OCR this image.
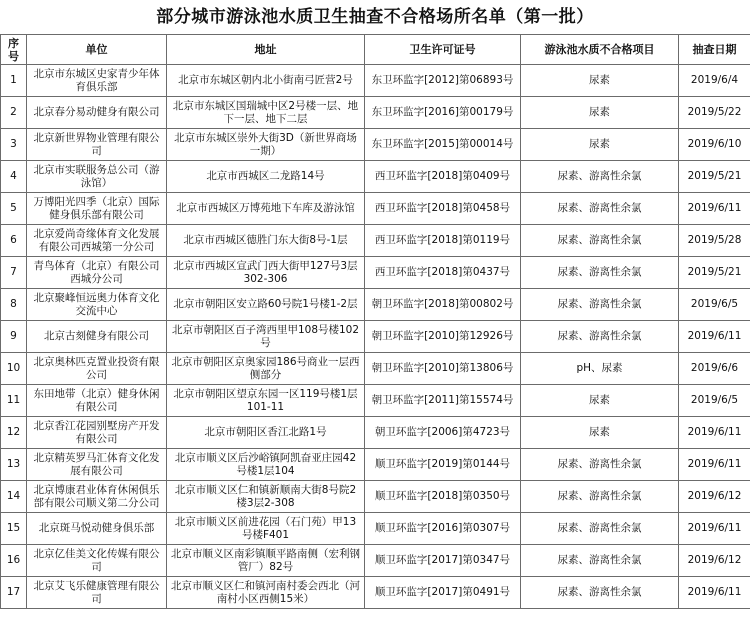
部分城市游泳池水质卫生抽查不合格场所名单（第一批）
序号	单位	地址	卫生许可证号	游泳池水质不合格项目	抽查日期
1	北京市东城区史家青少年体育俱乐部	北京市东城区朝内北小街南弓匠营2号	东卫环监字[2012]第06893号	尿素	2019/6/4
2	北京春分易动健身有限公司	北京市东城区国瑞城中区2号楼一层、地下一层、地下二层	东卫环监字[2016]第00179号	尿素	2019/5/22
3	北京新世界物业管理有限公司	北京市东城区崇外大街3D（新世界商场一期）	东卫环监字[2015]第00014号	尿素	2019/6/10
4	北京市实联服务总公司（游泳馆）	北京市西城区二龙路14号	西卫环监字[2018]第0409号	尿素、游离性余氯	2019/5/21
5	万博阳光四季（北京）国际健身俱乐部有限公司	北京市西城区万博苑地下车库及游泳馆	西卫环监字[2018]第0458号	尿素、游离性余氯	2019/6/11
6	北京爱尚奇缘体育文化发展有限公司西城第一分公司	北京市西城区德胜门东大街8号-1层	西卫环监字[2018]第0119号	尿素、游离性余氯	2019/5/28
7	青鸟体育（北京）有限公司西城分公司	北京市西城区宣武门西大街甲127号3层302-306	西卫环监字[2018]第0437号	尿素、游离性余氯	2019/5/21
8	北京聚峰恒远奥力体育文化交流中心	北京市朝阳区安立路60号院1号楼1-2层	朝卫环监字[2018]第00802号	尿素、游离性余氯	2019/6/5
9	北京古刻健身有限公司	北京市朝阳区百子湾西里甲108号楼102号	朝卫环监字[2010]第12926号	尿素、游离性余氯	2019/6/11
10	北京奥林匹克置业投资有限公司	北京市朝阳区京奥家园186号商业一层西侧部分	朝卫环监字[2010]第13806号	pH、尿素	2019/6/6
11	东田地带（北京）健身休闲有限公司	北京市朝阳区望京东园一区119号楼1层101-11	朝卫环监字[2011]第15574号	尿素	2019/6/5
12	北京香江花园别墅房产开发有限公司	北京市朝阳区香江北路1号	朝卫环监字[2006]第4723号	尿素	2019/6/11
13	北京精英罗马汇体育文化发展有限公司	北京市顺义区后沙峪镇阿凯奋亚庄园42号楼1层104	顺卫环监字[2019]第0144号	尿素、游离性余氯	2019/6/11
14	北京博康君业体育休闲俱乐部有限公司顺义第二分公司	北京市顺义区仁和镇新顺南大街8号院2楼3层2-308	顺卫环监字[2018]第0350号	尿素、游离性余氯	2019/6/12
15	北京斑马悦动健身俱乐部	北京市顺义区前进花园（石门苑）甲13号楼F401	顺卫环监字[2016]第0307号	尿素、游离性余氯	2019/6/11
16	北京亿佳美文化传媒有限公司	北京市顺义区南彩镇顺平路南侧（宏利钢管厂）82号	顺卫环监字[2017]第0347号	尿素、游离性余氯	2019/6/12
17	北京艾飞乐健康管理有限公司	北京市顺义区仁和镇河南村委会西北（河南村小区西侧15米）	顺卫环监字[2017]第0491号	尿素、游离性余氯	2019/6/11
